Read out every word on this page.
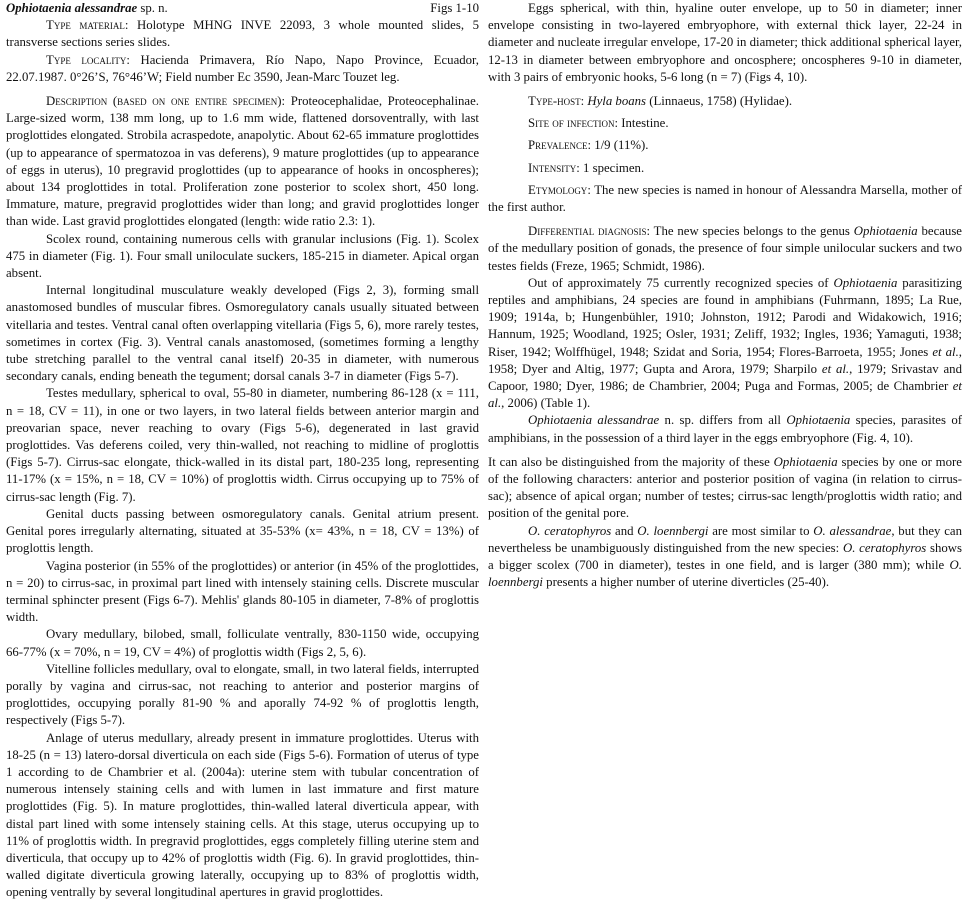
Ophiotaenia alessandrae sp. n.	Figs 1-10

Type material: Holotype MHNG INVE 22093, 3 whole mounted slides, 5 transverse sections series slides.

Type locality: Hacienda Primavera, Río Napo, Napo Province, Ecuador, 22.07.1987. 0°26’S, 76°46’W; Field number Ec 3590, Jean-Marc Touzet leg.

Description (based on one entire specimen): Proteocephalidae, Proteocephalinae. Large-sized worm, 138 mm long, up to 1.6 mm wide, flattened dorsoventrally, with last proglottides elongated. Strobila acraspedote, anapolytic. About 62-65 immature proglottides (up to appearance of spermatozoa in vas deferens), 9 mature proglottides (up to appearance of eggs in uterus), 10 pregravid proglottides (up to appearance of hooks in oncospheres); about 134 proglottides in total. Proliferation zone posterior to scolex short, 450 long. Immature, mature, pregravid proglottides wider than long; and gravid proglottides longer than wide. Last gravid proglottides elongated (length: wide ratio 2.3: 1).

Scolex round, containing numerous cells with granular inclusions (Fig. 1). Scolex 475 in diameter (Fig. 1). Four small uniloculate suckers, 185-215 in diameter. Apical organ absent.

Internal longitudinal musculature weakly developed (Figs 2, 3), forming small anastomosed bundles of muscular fibres. Osmoregulatory canals usually situated between vitellaria and testes. Ventral canal often overlapping vitellaria (Figs 5, 6), more rarely testes, sometimes in cortex (Fig. 3). Ventral canals anastomosed, (sometimes forming a lengthy tube stretching parallel to the ventral canal itself) 20-35 in diameter, with numerous secondary canals, ending beneath the tegument; dorsal canals 3-7 in diameter (Figs 5-7).

Testes medullary, spherical to oval, 55-80 in diameter, numbering 86-128 (x = 111, n = 18, CV = 11), in one or two layers, in two lateral fields between anterior margin and preovarian space, never reaching to ovary (Figs 5-6), degenerated in last gravid proglottides. Vas deferens coiled, very thin-walled, not reaching to midline of proglottis (Figs 5-7). Cirrus-sac elongate, thick-walled in its distal part, 180-235 long, representing 11-17% (x = 15%, n = 18, CV = 10%) of proglottis width. Cirrus occupying up to 75% of cirrus-sac length (Fig. 7).

Genital ducts passing between osmoregulatory canals. Genital atrium present. Genital pores irregularly alternating, situated at 35-53% (x= 43%, n = 18, CV = 13%) of proglottis length.

Vagina posterior (in 55% of the proglottides) or anterior (in 45% of the proglottides, n = 20) to cirrus-sac, in proximal part lined with intensely staining cells. Discrete muscular terminal sphincter present (Figs 6-7). Mehlis' glands 80-105 in diameter, 7-8% of proglottis width.

Ovary medullary, bilobed, small, folliculate ventrally, 830-1150 wide, occupying 66-77% (x = 70%, n = 19, CV = 4%) of proglottis width (Figs 2, 5, 6).

Vitelline follicles medullary, oval to elongate, small, in two lateral fields, interrupted porally by vagina and cirrus-sac, not reaching to anterior and posterior margins of proglottides, occupying porally 81-90 % and aporally 74-92 % of proglottis length, respectively (Figs 5-7).

Anlage of uterus medullary, already present in immature proglottides. Uterus with 18-25 (n = 13) latero-dorsal diverticula on each side (Figs 5-6). Formation of uterus of type 1 according to de Chambrier et al. (2004a): uterine stem with tubular concentration of numerous intensely staining cells and with lumen in last immature and first mature proglottides (Fig. 5). In mature proglottides, thin-walled lateral diverticula appear, with distal part lined with some intensely staining cells. At this stage, uterus occupying up to 11% of proglottis width. In pregravid proglottides, eggs completely filling uterine stem and diverticula, that occupy up to 42% of proglottis width (Fig. 6). In gravid proglottides, thin-walled digitate diverticula growing laterally, occupying up to 83% of proglottis width, opening ventrally by several longitudinal apertures in gravid proglottides.

Eggs spherical, with thin, hyaline outer envelope, up to 50 in diameter; inner envelope consisting in two-layered embryophore, with external thick layer, 22-24 in diameter and nucleate irregular envelope, 17-20 in diameter; thick additional spherical layer, 12-13 in diameter between embryophore and oncosphere; oncospheres 9-10 in diameter, with 3 pairs of embryonic hooks, 5-6 long (n = 7) (Figs 4, 10).

Type-host: Hyla boans (Linnaeus, 1758) (Hylidae).

Site of infection: Intestine.

Prevalence: 1/9 (11%).

Intensity: 1 specimen.

Etymology: The new species is named in honour of Alessandra Marsella, mother of the first author.

Differential diagnosis: The new species belongs to the genus Ophiotaenia because of the medullary position of gonads, the presence of four simple unilocular suckers and two testes fields (Freze, 1965; Schmidt, 1986).

Out of approximately 75 currently recognized species of Ophiotaenia parasitizing reptiles and amphibians, 24 species are found in amphibians (Fuhrmann, 1895; La Rue, 1909; 1914a, b; Hungenbühler, 1910; Johnston, 1912; Parodi and Widakowich, 1916; Hannum, 1925; Woodland, 1925; Osler, 1931; Zeliff, 1932; Ingles, 1936; Yamaguti, 1938; Riser, 1942; Wolffhügel, 1948; Szidat and Soria, 1954; Flores-Barroeta, 1955; Jones et al., 1958; Dyer and Altig, 1977; Gupta and Arora, 1979; Sharpilo et al., 1979; Srivastav and Capoor, 1980; Dyer, 1986; de Chambrier, 2004; Puga and Formas, 2005; de Chambrier et al., 2006) (Table 1).

Ophiotaenia alessandrae n. sp. differs from all Ophiotaenia species, parasites of amphibians, in the possession of a third layer in the eggs embryophore (Fig. 4, 10).

It can also be distinguished from the majority of these Ophiotaenia species by one or more of the following characters: anterior and posterior position of vagina (in relation to cirrus-sac); absence of apical organ; number of testes; cirrus-sac length/proglottis width ratio; and position of the genital pore.

O. ceratophyros and O. loennbergi are most similar to O. alessandrae, but they can nevertheless be unambiguously distinguished from the new species: O. ceratophyros shows a bigger scolex (700 in diameter), testes in one field, and is larger (380 mm); while O. loennbergi presents a higher number of uterine diverticles (25-40).
